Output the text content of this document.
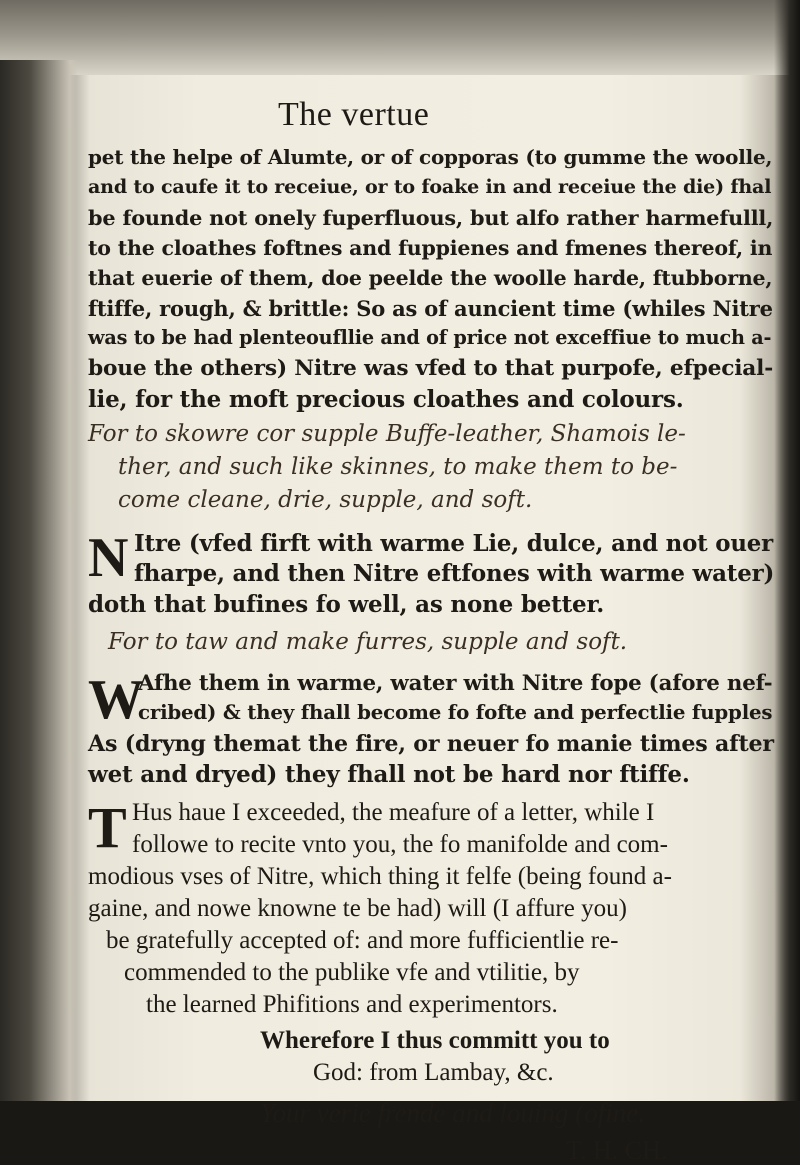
The vertue
pet the helpe of Alumte, or of copporas (to gumme the woolle,
and to caufe it to receiue, or to foake in and receiue the die) fhal
be founde not onely fuperfluous, but alfo rather harmefulll,
to the cloathes foftnes and fuppienes and fmenes thereof, in
that euerie of them, doe peelde the woolle harde, ftubborne,
ftiffe, rough, & brittle: So as of auncient time (whiles Nitre
was to be had plenteoufllie and of price not exceffiue to much a-
boue the others) Nitre was vfed to that purpofe, efpecial-
lie, for the moft precious cloathes and colours.
For to skowre cor supple Buffe-leather, Shamois le-
ther, and such like skinnes, to make them to be-
come cleane, drie, supple, and soft.
N Itre (vfed firft with warme Lie, dulce, and not ouer
fharpe, and then Nitre eftfones with warme water)
doth that bufines fo well, as none better.
For to taw and make furres, supple and soft.
W
Afhe them in warme, water with Nitre fope (afore nef-
cribed) & they fhall become fo fofte and perfectlie fupples
As (dryng themat the fire, or neuer fo manie times after
wet and dryed) they fhall not be hard nor ftiffe.
T Hus haue I exceeded, the meafure of a letter, while I
followe to recite vnto you, the fo manifolde and com-
modious vses of Nitre, which thing it felfe (being found a-
gaine, and nowe knowne te be had) will (I affure you)
be gratefully accepted of: and more fufficientlie re-
commended to the publike vfe and vtilitie, by
the learned Phifitions and experimentors.
Wherefore I thus committ you to
God: from Lambay, &c.
Your verie frende and louing (ofine.
T. H. CH.
